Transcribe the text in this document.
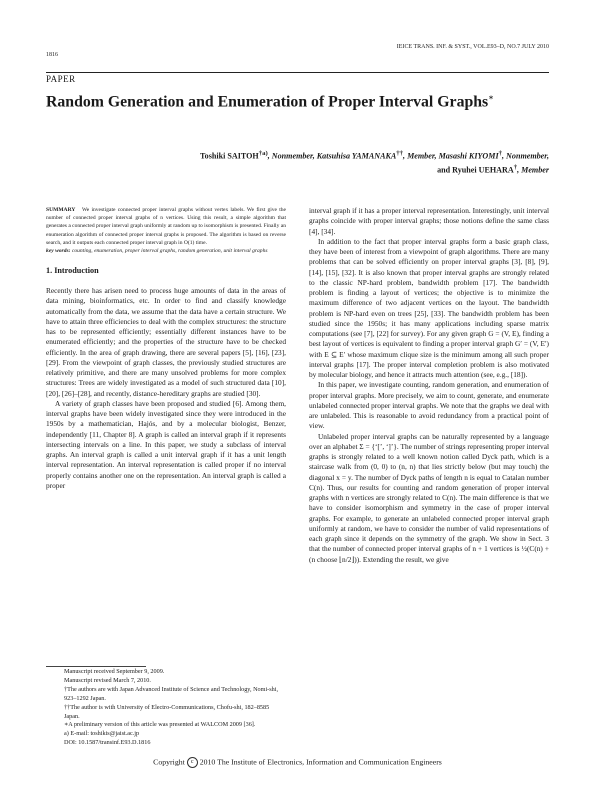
IEICE TRANS. INF. & SYST., VOL.E93–D, NO.7 JULY 2010
1816
PAPER
Random Generation and Enumeration of Proper Interval Graphs∗
Toshiki SAITOH$^{\dagger a)}$, Nonmember, Katsuhisa YAMANAKA††, Member, Masashi KIYOMI†, Nonmember,
and Ryuhei UEHARA†, Member

SUMMARY We investigate connected proper interval graphs without vertex labels. We first give the number of connected proper interval graphs of n vertices. Using this result, a simple algorithm that generates a connected proper interval graph uniformly at random up to isomorphism is presented. Finally an enumeration algorithm of connected proper interval graphs is proposed. The algorithm is based on reverse search, and it outputs each connected proper interval graph in O(1) time.

key words: counting, enumeration, proper interval graphs, random generation, unit interval graphs

1. Introduction

Recently there has arisen need to process huge amounts of data in the areas of data mining, bioinformatics, etc. In order to find and classify knowledge automatically from the data, we assume that the data have a certain structure. We have to attain three efficiencies to deal with the complex structures: the structure has to be represented efficiently; essentially different instances have to be enumerated efficiently; and the properties of the structure have to be checked efficiently. In the area of graph drawing, there are several papers [5], [16], [23], [29]. From the viewpoint of graph classes, the previously studied structures are relatively primitive, and there are many unsolved problems for more complex structures: Trees are widely investigated as a model of such structured data [10], [20], [26]–[28], and recently, distance-hereditary graphs are studied [30].

A variety of graph classes have been proposed and studied [6]. Among them, interval graphs have been widely investigated since they were introduced in the 1950s by a mathematician, Hajós, and by a molecular biologist, Benzer, independently [11, Chapter 8]. A graph is called an interval graph if it represents intersecting intervals on a line. In this paper, we study a subclass of interval graphs. An interval graph is called a unit interval graph if it has a unit length interval representation. An interval representation is called proper if no interval properly contains another one on the representation. An interval graph is called a proper

Manuscript received September 9, 2009.

Manuscript revised March 7, 2010.

†The authors are with Japan Advanced Institute of Science and Technology, Nomi-shi, 923–1292 Japan.

††The author is with University of Electro-Communications, Chofu-shi, 182–8585 Japan.

∗A preliminary version of this article was presented at WALCOM 2009 [36].

a) E-mail: toshikis@jaist.ac.jp

DOI: 10.1587/transinf.E93.D.1816

interval graph if it has a proper interval representation. Interestingly, unit interval graphs coincide with proper interval graphs; those notions define the same class [4], [34].

In addition to the fact that proper interval graphs form a basic graph class, they have been of interest from a viewpoint of graph algorithms. There are many problems that can be solved efficiently on proper interval graphs [3], [8], [9], [14], [15], [32]. It is also known that proper interval graphs are strongly related to the classic NP-hard problem, bandwidth problem [17]. The bandwidth problem is finding a layout of vertices; the objective is to minimize the maximum difference of two adjacent vertices on the layout. The bandwidth problem is NP-hard even on trees [25], [33]. The bandwidth problem has been studied since the 1950s; it has many applications including sparse matrix computations (see [7], [22] for survey). For any given graph G = (V, E), finding a best layout of vertices is equivalent to finding a proper interval graph G′ = (V, E′) with E ⊆ E′ whose maximum clique size is the minimum among all such proper interval graphs [17]. The proper interval completion problem is also motivated by molecular biology, and hence it attracts much attention (see, e.g., [18]).

In this paper, we investigate counting, random generation, and enumeration of proper interval graphs. More precisely, we aim to count, generate, and enumerate unlabeled connected proper interval graphs. We note that the graphs we deal with are unlabeled. This is reasonable to avoid redundancy from a practical point of view.

Unlabeled proper interval graphs can be naturally represented by a language over an alphabet Σ = {‘[’, ‘]’}. The number of strings representing proper interval graphs is strongly related to a well known notion called Dyck path, which is a staircase walk from (0, 0) to (n, n) that lies strictly below (but may touch) the diagonal x = y. The number of Dyck paths of length n is equal to Catalan number C(n). Thus, our results for counting and random generation of proper interval graphs with n vertices are strongly related to C(n). The main difference is that we have to consider isomorphism and symmetry in the case of proper interval graphs. For example, to generate an unlabeled connected proper interval graph uniformly at random, we have to consider the number of valid representations of each graph since it depends on the symmetry of the graph. We show in Sect. 3 that the number of connected proper interval graphs of n + 1 vertices is ½(C(n) + (n choose ⌊n/2⌋)). Extending the result, we give

Copyright c 2010 The Institute of Electronics, Information and Communication Engineers
